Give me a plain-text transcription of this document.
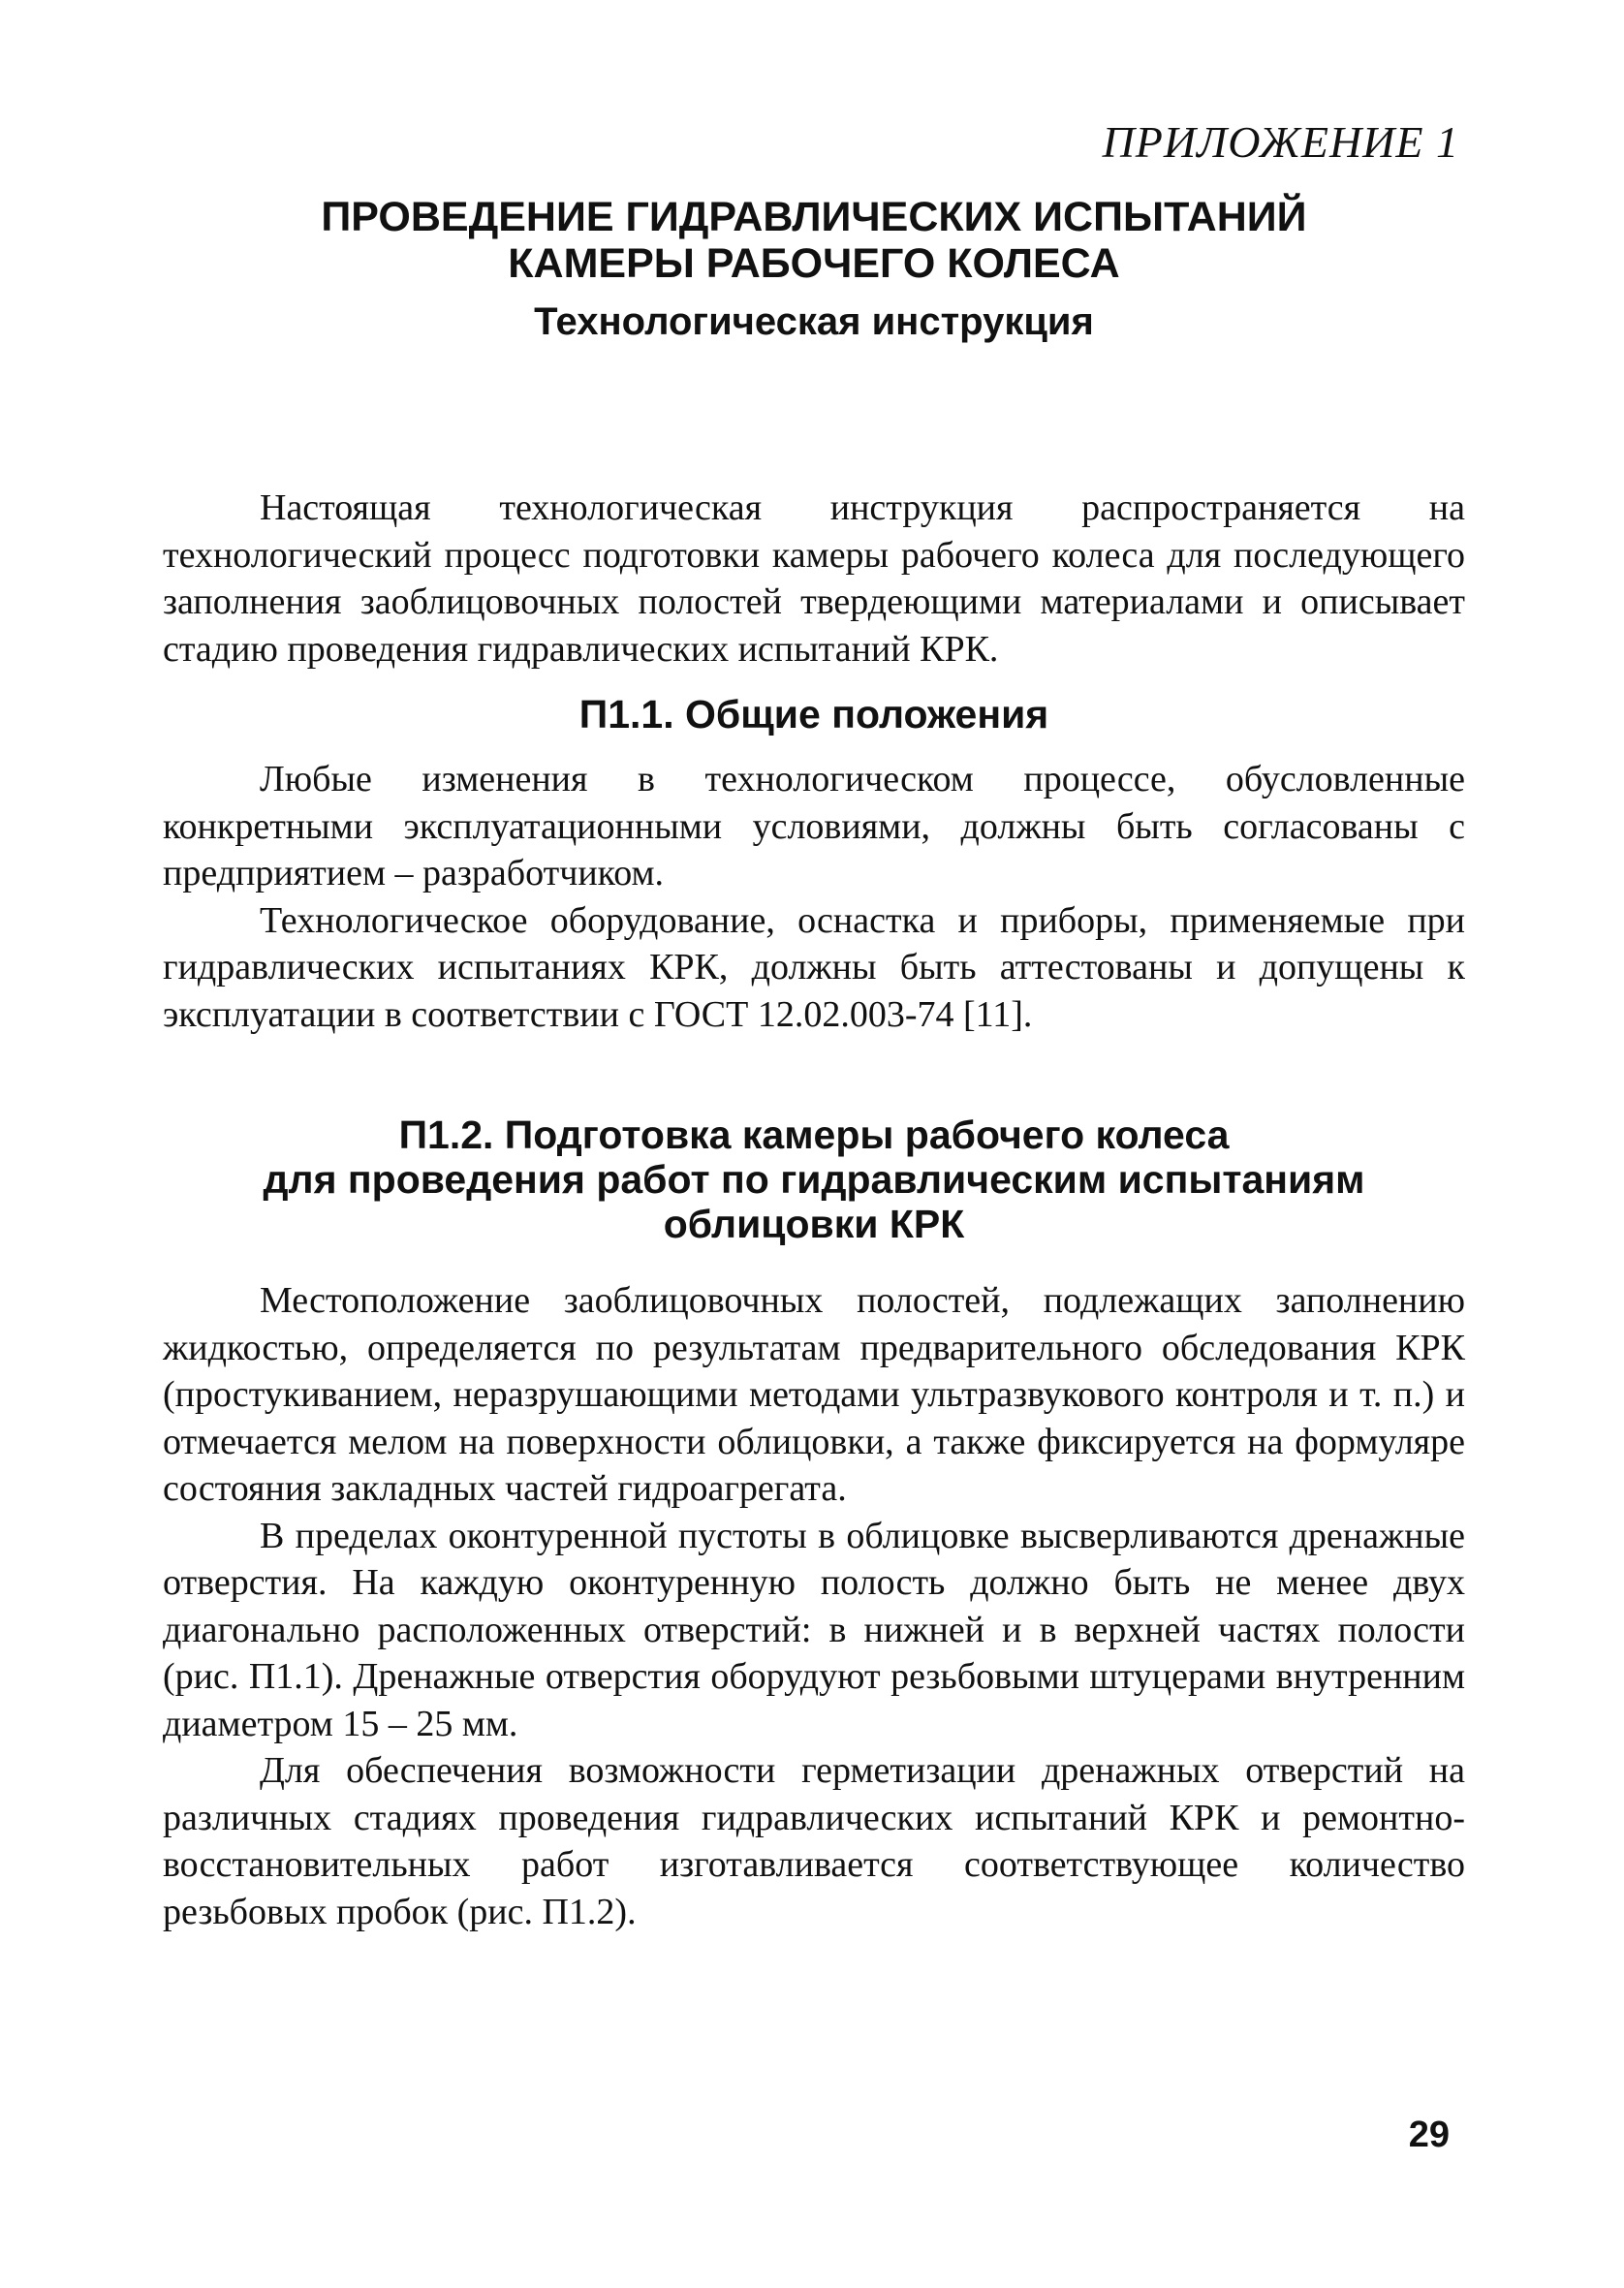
ПРИЛОЖЕНИЕ 1
ПРОВЕДЕНИЕ ГИДРАВЛИЧЕСКИХ ИСПЫТАНИЙ
КАМЕРЫ РАБОЧЕГО КОЛЕСА
Технологическая инструкция

Настоящая технологическая инструкция распространяется на технологический процесс подготовки камеры рабочего колеса для последующего заполнения заоблицовочных полостей твердеющими материалами и описывает стадию проведения гидравлических испытаний КРК.

П1.1. Общие положения

Любые изменения в технологическом процессе, обусловленные конкретными эксплуатационными условиями, должны быть согласованы с предприятием – разработчиком.

Технологическое оборудование, оснастка и приборы, применяемые при гидравлических испытаниях КРК, должны быть аттестованы и допущены к эксплуатации в соответствии с ГОСТ 12.02.003-74 [11].

П1.2. Подготовка камеры рабочего колеса
для проведения работ по гидравлическим испытаниям
облицовки КРК

Местоположение заоблицовочных полостей, подлежащих заполнению жидкостью, определяется по результатам предварительного обследования КРК (простукиванием, неразрушающими методами ультразвукового контроля и т. п.) и отмечается мелом на поверхности облицовки, а также фиксируется на формуляре состояния закладных частей гидроагрегата.

В пределах оконтуренной пустоты в облицовке высверливаются дренажные отверстия. На каждую оконтуренную полость должно быть не менее двух диагонально расположенных отверстий: в нижней и в верхней частях полости (рис. П1.1). Дренажные отверстия оборудуют резьбовыми штуцерами внутренним диаметром 15 – 25 мм.

Для обеспечения возможности герметизации дренажных отверстий на различных стадиях проведения гидравлических испытаний КРК и ремонтно-восстановительных работ изготавливается соответствующее количество резьбовых пробок (рис. П1.2).

29
